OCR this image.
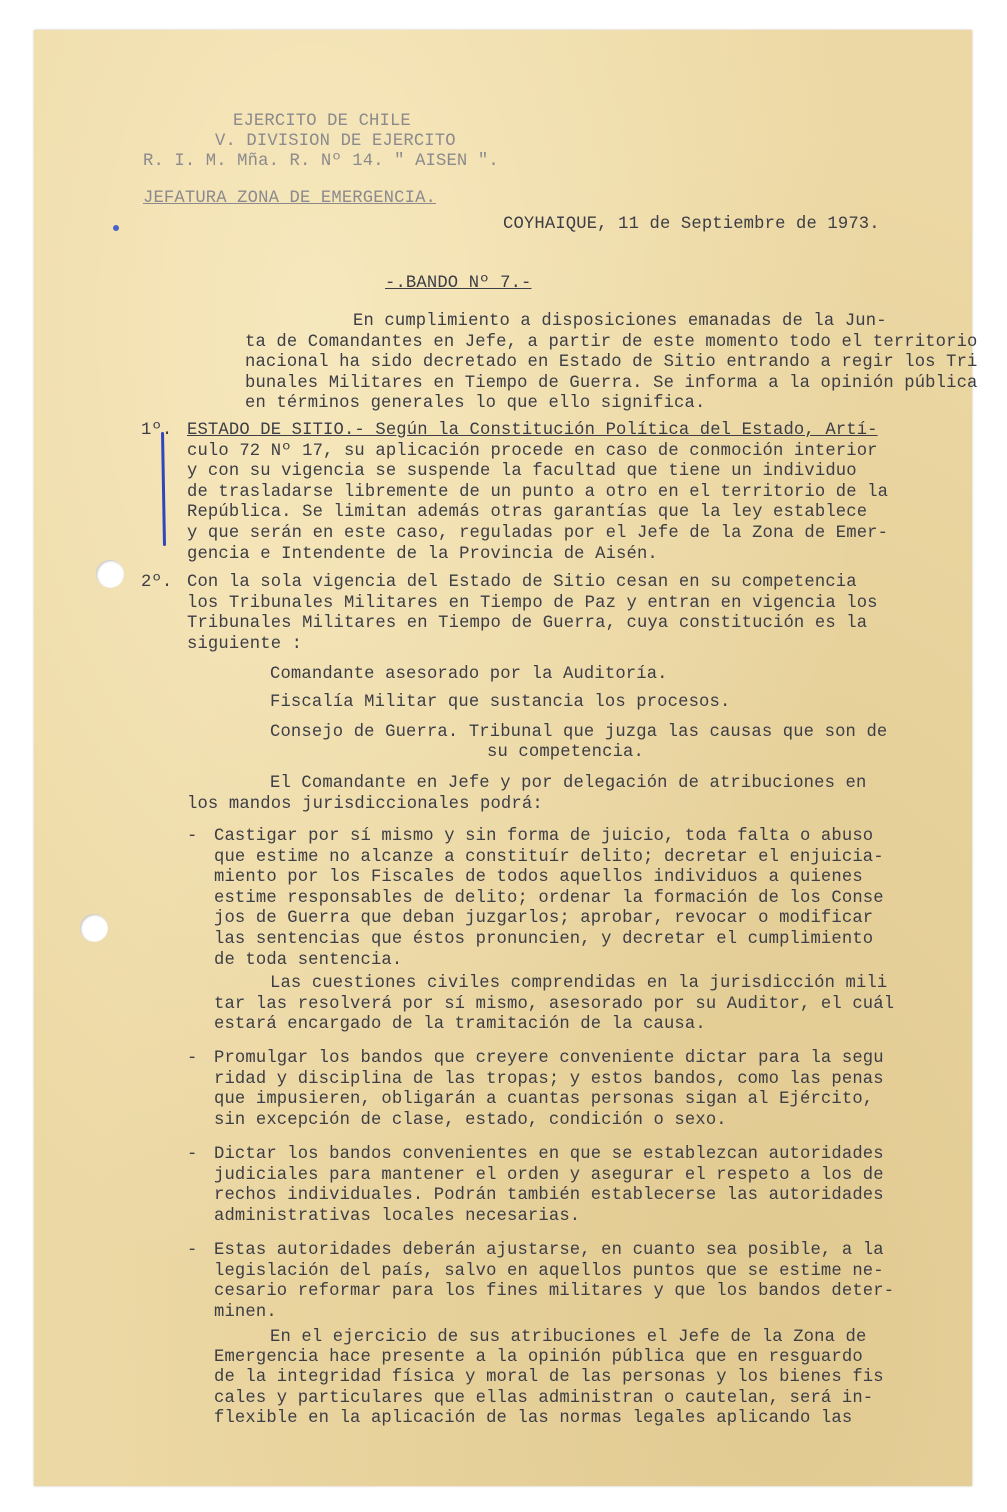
EJERCITO DE CHILE
V. DIVISION DE EJERCITO
R. I. M. Mña. R. Nº 14. " AISEN ".
JEFATURA ZONA DE EMERGENCIA.
COYHAIQUE, 11 de Septiembre de 1973.
-.BANDO Nº 7.-
En cumplimiento a disposiciones emanadas de la Jun-
ta de Comandantes en Jefe, a partir de este momento todo el territorio
nacional ha sido decretado en Estado de Sitio entrando a regir los Tri
bunales Militares en Tiempo de Guerra. Se informa a la opinión pública
en términos generales lo que ello significa.
ESTADO DE SITIO.- Según la Constitución Política del Estado, Artí-
culo 72 Nº 17, su aplicación procede en caso de conmoción interior
y con su vigencia se suspende la facultad que tiene un individuo
de trasladarse libremente de un punto a otro en el territorio de la
República. Se limitan además otras garantías que la ley establece
y que serán en este caso, reguladas por el Jefe de la Zona de Emer-
gencia e Intendente de la Provincia de Aisén.
Con la sola vigencia del Estado de Sitio cesan en su competencia
los Tribunales Militares en Tiempo de Paz y entran en vigencia los
Tribunales Militares en Tiempo de Guerra, cuya constitución es la
siguiente :
El Comandante en Jefe y por delegación de atribuciones en
los mandos jurisdiccionales podrá:
Castigar por sí mismo y sin forma de juicio, toda falta o abuso
que estime no alcanze a constituír delito; decretar el enjuicia-
miento por los Fiscales de todos aquellos individuos a quienes
estime responsables de delito; ordenar la formación de los Conse
jos de Guerra que deban juzgarlos; aprobar, revocar o modificar
las sentencias que éstos pronuncien, y decretar el cumplimiento
de toda sentencia.
Las cuestiones civiles comprendidas en la jurisdicción mili
tar las resolverá por sí mismo, asesorado por su Auditor, el cuál
estará encargado de la tramitación de la causa.
Promulgar los bandos que creyere conveniente dictar para la segu
ridad y disciplina de las tropas; y estos bandos, como las penas
que impusieren, obligarán a cuantas personas sigan al Ejército,
sin excepción de clase, estado, condición o sexo.
Dictar los bandos convenientes en que se establezcan autoridades
judiciales para mantener el orden y asegurar el respeto a los de
rechos individuales. Podrán también establecerse las autoridades
administrativas locales necesarias.
Estas autoridades deberán ajustarse, en cuanto sea posible, a la
legislación del país, salvo en aquellos puntos que se estime ne-
cesario reformar para los fines militares y que los bandos deter-
minen.
En el ejercicio de sus atribuciones el Jefe de la Zona de
Emergencia hace presente a la opinión pública que en resguardo
de la integridad física y moral de las personas y los bienes fis
cales y particulares que ellas administran o cautelan, será in-
flexible en la aplicación de las normas legales aplicando las
1º.
2º.
-
-
-
-
Comandante asesorado por la Auditoría.
Fiscalía Militar que sustancia los procesos.
Consejo de Guerra. Tribunal que juzga las causas que son de
su competencia.
